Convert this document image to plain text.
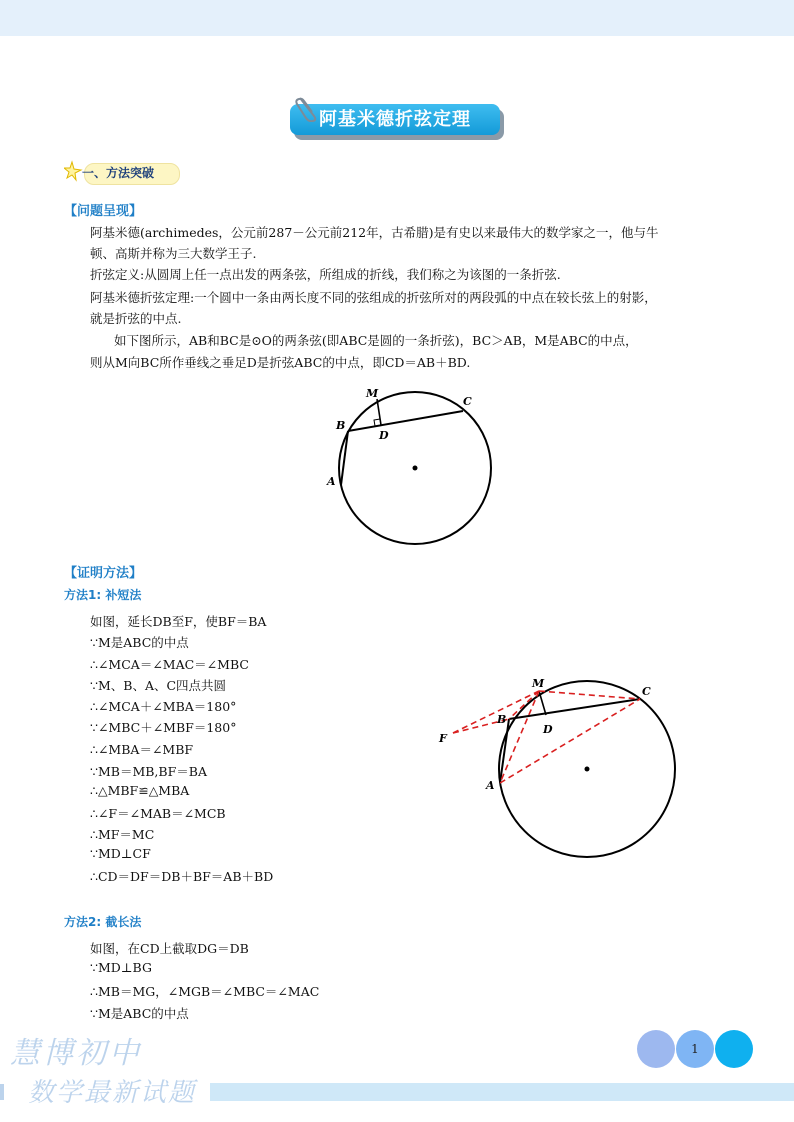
阿基米德折弦定理
一、方法突破
【问题呈现】
阿基米德(archimedes，公元前287－公元前212年，古希腊)是有史以来最伟大的数学家之一，他与牛
顿、高斯并称为三大数学王子.
折弦定义:从圆周上任一点出发的两条弦，所组成的折线，我们称之为该图的一条折弦.
阿基米德折弦定理:一个圆中一条由两长度不同的弦组成的折弦所对的两段弧的中点在较长弦上的射影，
就是折弦的中点.
如下图所示，AB和BC是⊙O的两条弦(即ABC是圆的一条折弦)，BC＞AB，M是ABC的中点，
则从M向BC所作垂线之垂足D是折弦ABC的中点，即CD＝AB＋BD.
M
C
B
D
A
【证明方法】
方法1: 补短法
如图，延长DB至F，使BF＝BA
∵M是ABC的中点
∴∠MCA＝∠MAC＝∠MBC
∵M、B、A、C四点共圆
∴∠MCA＋∠MBA＝180°
∵∠MBC＋∠MBF＝180°
∴∠MBA＝∠MBF
∵MB＝MB,BF＝BA
∴△MBF≌△MBA
∴∠F＝∠MAB＝∠MCB
∴MF＝MC
∵MD⊥CF
∴CD＝DF＝DB＋BF＝AB＋BD
M
C
B
D
A
F
方法2: 截长法
如图，在CD上截取DG＝DB
∵MD⊥BG
∴MB＝MG，∠MGB＝∠MBC＝∠MAC
∵M是ABC的中点
1
慧博初中
数学最新试题
